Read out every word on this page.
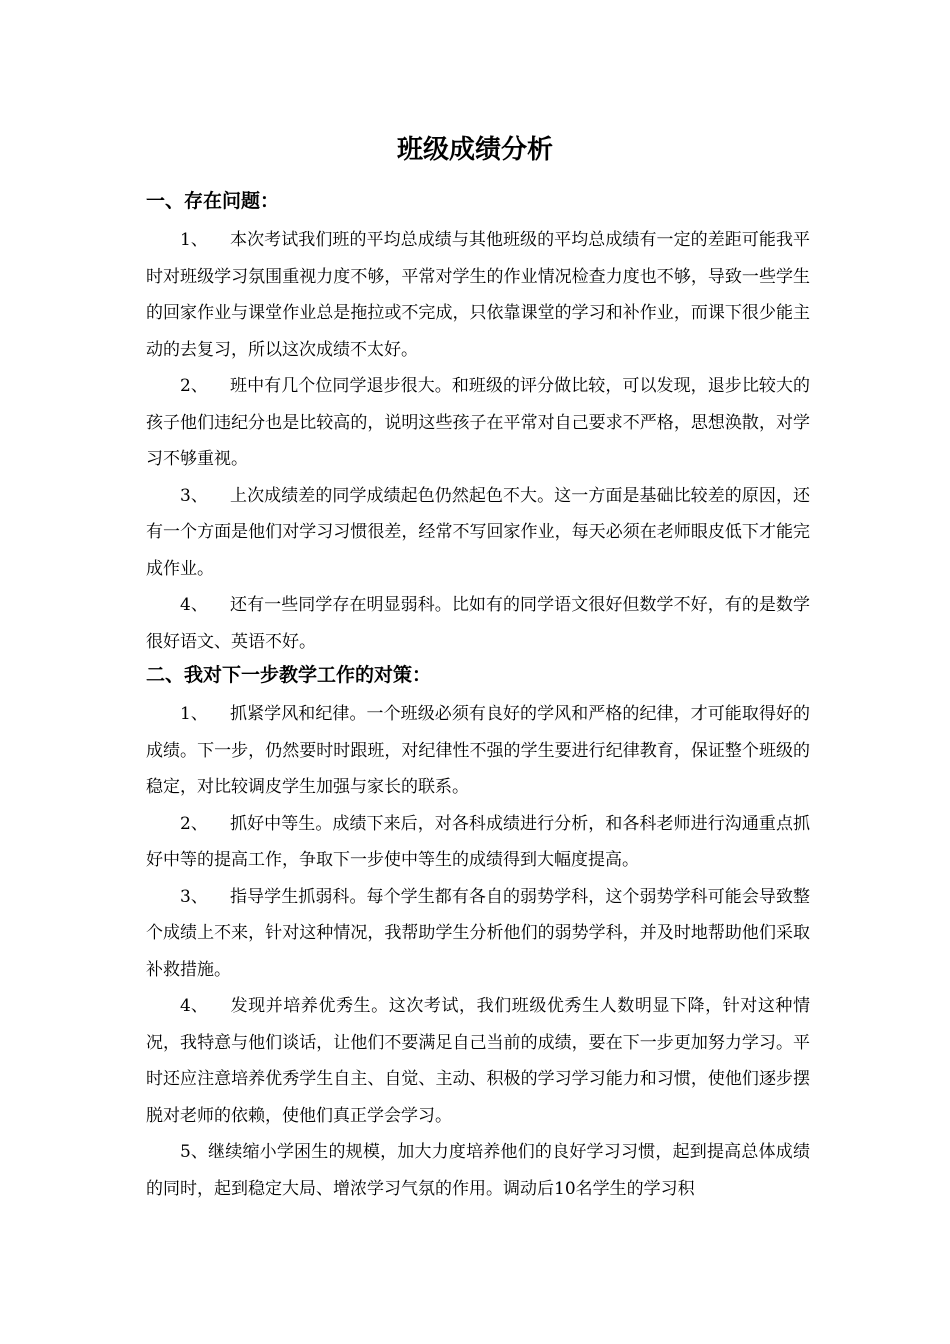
班级成绩分析
一、存在问题：

1、 本次考试我们班的平均总成绩与其他班级的平均总成绩有一定的差距可能我平时对班级学习氛围重视力度不够，平常对学生的作业情况检查力度也不够，导致一些学生的回家作业与课堂作业总是拖拉或不完成，只依靠课堂的学习和补作业，而课下很少能主动的去复习，所以这次成绩不太好。

2、 班中有几个位同学退步很大。和班级的评分做比较，可以发现，退步比较大的孩子他们违纪分也是比较高的，说明这些孩子在平常对自己要求不严格，思想涣散，对学习不够重视。

3、 上次成绩差的同学成绩起色仍然起色不大。这一方面是基础比较差的原因，还有一个方面是他们对学习习惯很差，经常不写回家作业，每天必须在老师眼皮低下才能完成作业。

4、 还有一些同学存在明显弱科。比如有的同学语文很好但数学不好，有的是数学很好语文、英语不好。

二、我对下一步教学工作的对策：

1、 抓紧学风和纪律。一个班级必须有良好的学风和严格的纪律，才可能取得好的成绩。下一步，仍然要时时跟班，对纪律性不强的学生要进行纪律教育，保证整个班级的稳定，对比较调皮学生加强与家长的联系。

2、 抓好中等生。成绩下来后，对各科成绩进行分析，和各科老师进行沟通重点抓好中等的提高工作，争取下一步使中等生的成绩得到大幅度提高。

3、 指导学生抓弱科。每个学生都有各自的弱势学科，这个弱势学科可能会导致整个成绩上不来，针对这种情况，我帮助学生分析他们的弱势学科，并及时地帮助他们采取补救措施。

4、 发现并培养优秀生。这次考试，我们班级优秀生人数明显下降，针对这种情况，我特意与他们谈话，让他们不要满足自己当前的成绩，要在下一步更加努力学习。平时还应注意培养优秀学生自主、自觉、主动、积极的学习学习能力和习惯，使他们逐步摆脱对老师的依赖，使他们真正学会学习。

5、继续缩小学困生的规模，加大力度培养他们的良好学习习惯，起到提高总体成绩的同时，起到稳定大局、增浓学习气氛的作用。调动后10名学生的学习积
